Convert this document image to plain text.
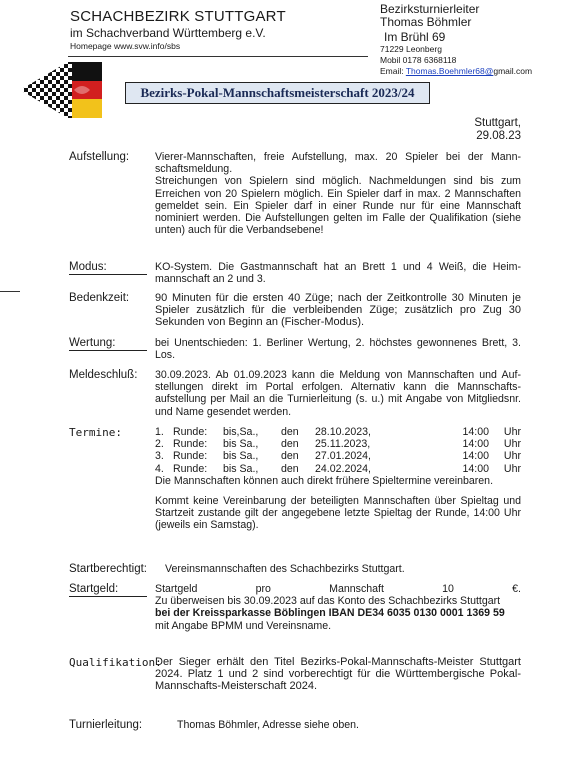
SCHACHBEZIRK STUTTGART
im Schachverband Württemberg e.V.
Homepage www.svw.info/sbs
Bezirksturnierleiter
Thomas Böhmler
Im Brühl 69
71229 Leonberg
Mobil 0178 6368118
Email: Thomas.Boehmler68@gmail.com
Bezirks-Pokal-Mannschaftsmeisterschaft 2023/24
Stuttgart,
29.08.23
Aufstellung: Vierer-Mannschaften, freie Aufstellung, max. 20 Spieler bei der Mannschaftsmeldung.

Streichungen von Spielern sind möglich. Nachmeldungen sind bis zum Erreichen von 20 Spielern möglich. Ein Spieler darf in max. 2 Mannschaften gemeldet sein. Ein Spieler darf in einer Runde nur für eine Mannschaft nominiert werden. Die Aufstellungen gelten im Falle der Qualifikation (siehe unten) auch für die Verbandsebene!

Modus:	KO-System. Die Gastmannschaft hat an Brett 1 und 4 Weiß, die Heimmannschaft an 2 und 3.
Bedenkzeit: 90 Minuten für die ersten 40 Züge; nach der Zeitkontrolle 30 Minuten je Spieler zusätzlich für die verbleibenden Züge; zusätzlich pro Zug 30 Sekunden von Beginn an (Fischer-Modus).
Wertung:	bei Unentschieden: 1. Berliner Wertung, 2. höchstes gewonnenes Brett, 3. Los.
Meldeschluß: 30.09.2023. Ab 01.09.2023 kann die Meldung von Mannschaften und Aufstellungen direkt im Portal erfolgen. Alternativ kann die Mannschaftsaufstellung per Mail an die Turnierleitung (s. u.) mit Angabe von Mitgliedsnr. und Name gesendet werden.
Termine:	1.	Runde:	bis,Sa.,	den	28.10.2023,	14:00	Uhr
2.	Runde:	bis Sa.,	den	25.11.2023,	14:00	Uhr
3.	Runde:	bis Sa.,	den	27.01.2024,	14:00	Uhr
4.	Runde:	bis Sa.,	den	24.02.2024,	14:00	Uhr

Die Mannschaften können auch direkt frühere Spieltermine vereinbaren.

Kommt keine Vereinbarung der beteiligten Mannschaften über Spieltag und Startzeit zustande gilt der angegebene letzte Spieltag der Runde, 14:00 Uhr (jeweils ein Samstag).

Startberechtigt: Vereinsmannschaften des Schachbezirks Stuttgart.
Startgeld:	Startgeld pro Mannschaft 10 €.

Zu überweisen bis 30.09.2023 auf das Konto des Schachbezirks Stuttgart

bei der Kreissparkasse Böblingen IBAN DE34 6035 0130 0001 1369 59

mit Angabe BPMM und Vereinsname.

Qualifikation:
Der Sieger erhält den Titel Bezirks-Pokal-Mannschafts-Meister Stuttgart 2024. Platz 1 und 2 sind vorberechtigt für die Württembergische Pokal-Mannschafts-Meisterschaft 2024.
Turnierleitung:	Thomas Böhmler, Adresse siehe oben.
